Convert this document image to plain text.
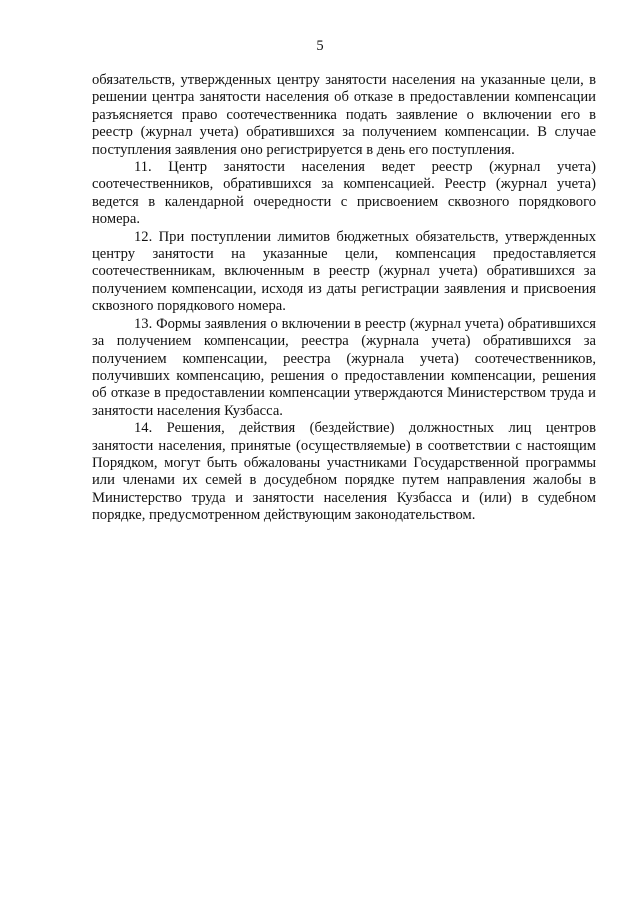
5

обязательств, утвержденных центру занятости населения на указанные цели, в решении центра занятости населения об отказе в предоставлении компенсации разъясняется право соотечественника подать заявление о включении его в реестр (журнал учета) обратившихся за получением компенсации. В случае поступления заявления оно регистрируется в день его поступления.

11. Центр занятости населения ведет реестр (журнал учета) соотечественников, обратившихся за компенсацией. Реестр (журнал учета) ведется в календарной очередности с присвоением сквозного порядкового номера.

12. При поступлении лимитов бюджетных обязательств, утвержденных центру занятости на указанные цели, компенсация предоставляется соотечественникам, включенным в реестр (журнал учета) обратившихся за получением компенсации, исходя из даты регистрации заявления и присвоения сквозного порядкового номера.

13. Формы заявления о включении в реестр (журнал учета) обратившихся за получением компенсации, реестра (журнала учета) обратившихся за получением компенсации, реестра (журнала учета) соотечественников, получивших компенсацию, решения о предоставлении компенсации, решения об отказе в предоставлении компенсации утверждаются Министерством труда и занятости населения Кузбасса.

14. Решения, действия (бездействие) должностных лиц центров занятости населения, принятые (осуществляемые) в соответствии с настоящим Порядком, могут быть обжалованы участниками Государственной программы или членами их семей в досудебном порядке путем направления жалобы в Министерство труда и занятости населения Кузбасса и (или) в судебном порядке, предусмотренном действующим законодательством.
